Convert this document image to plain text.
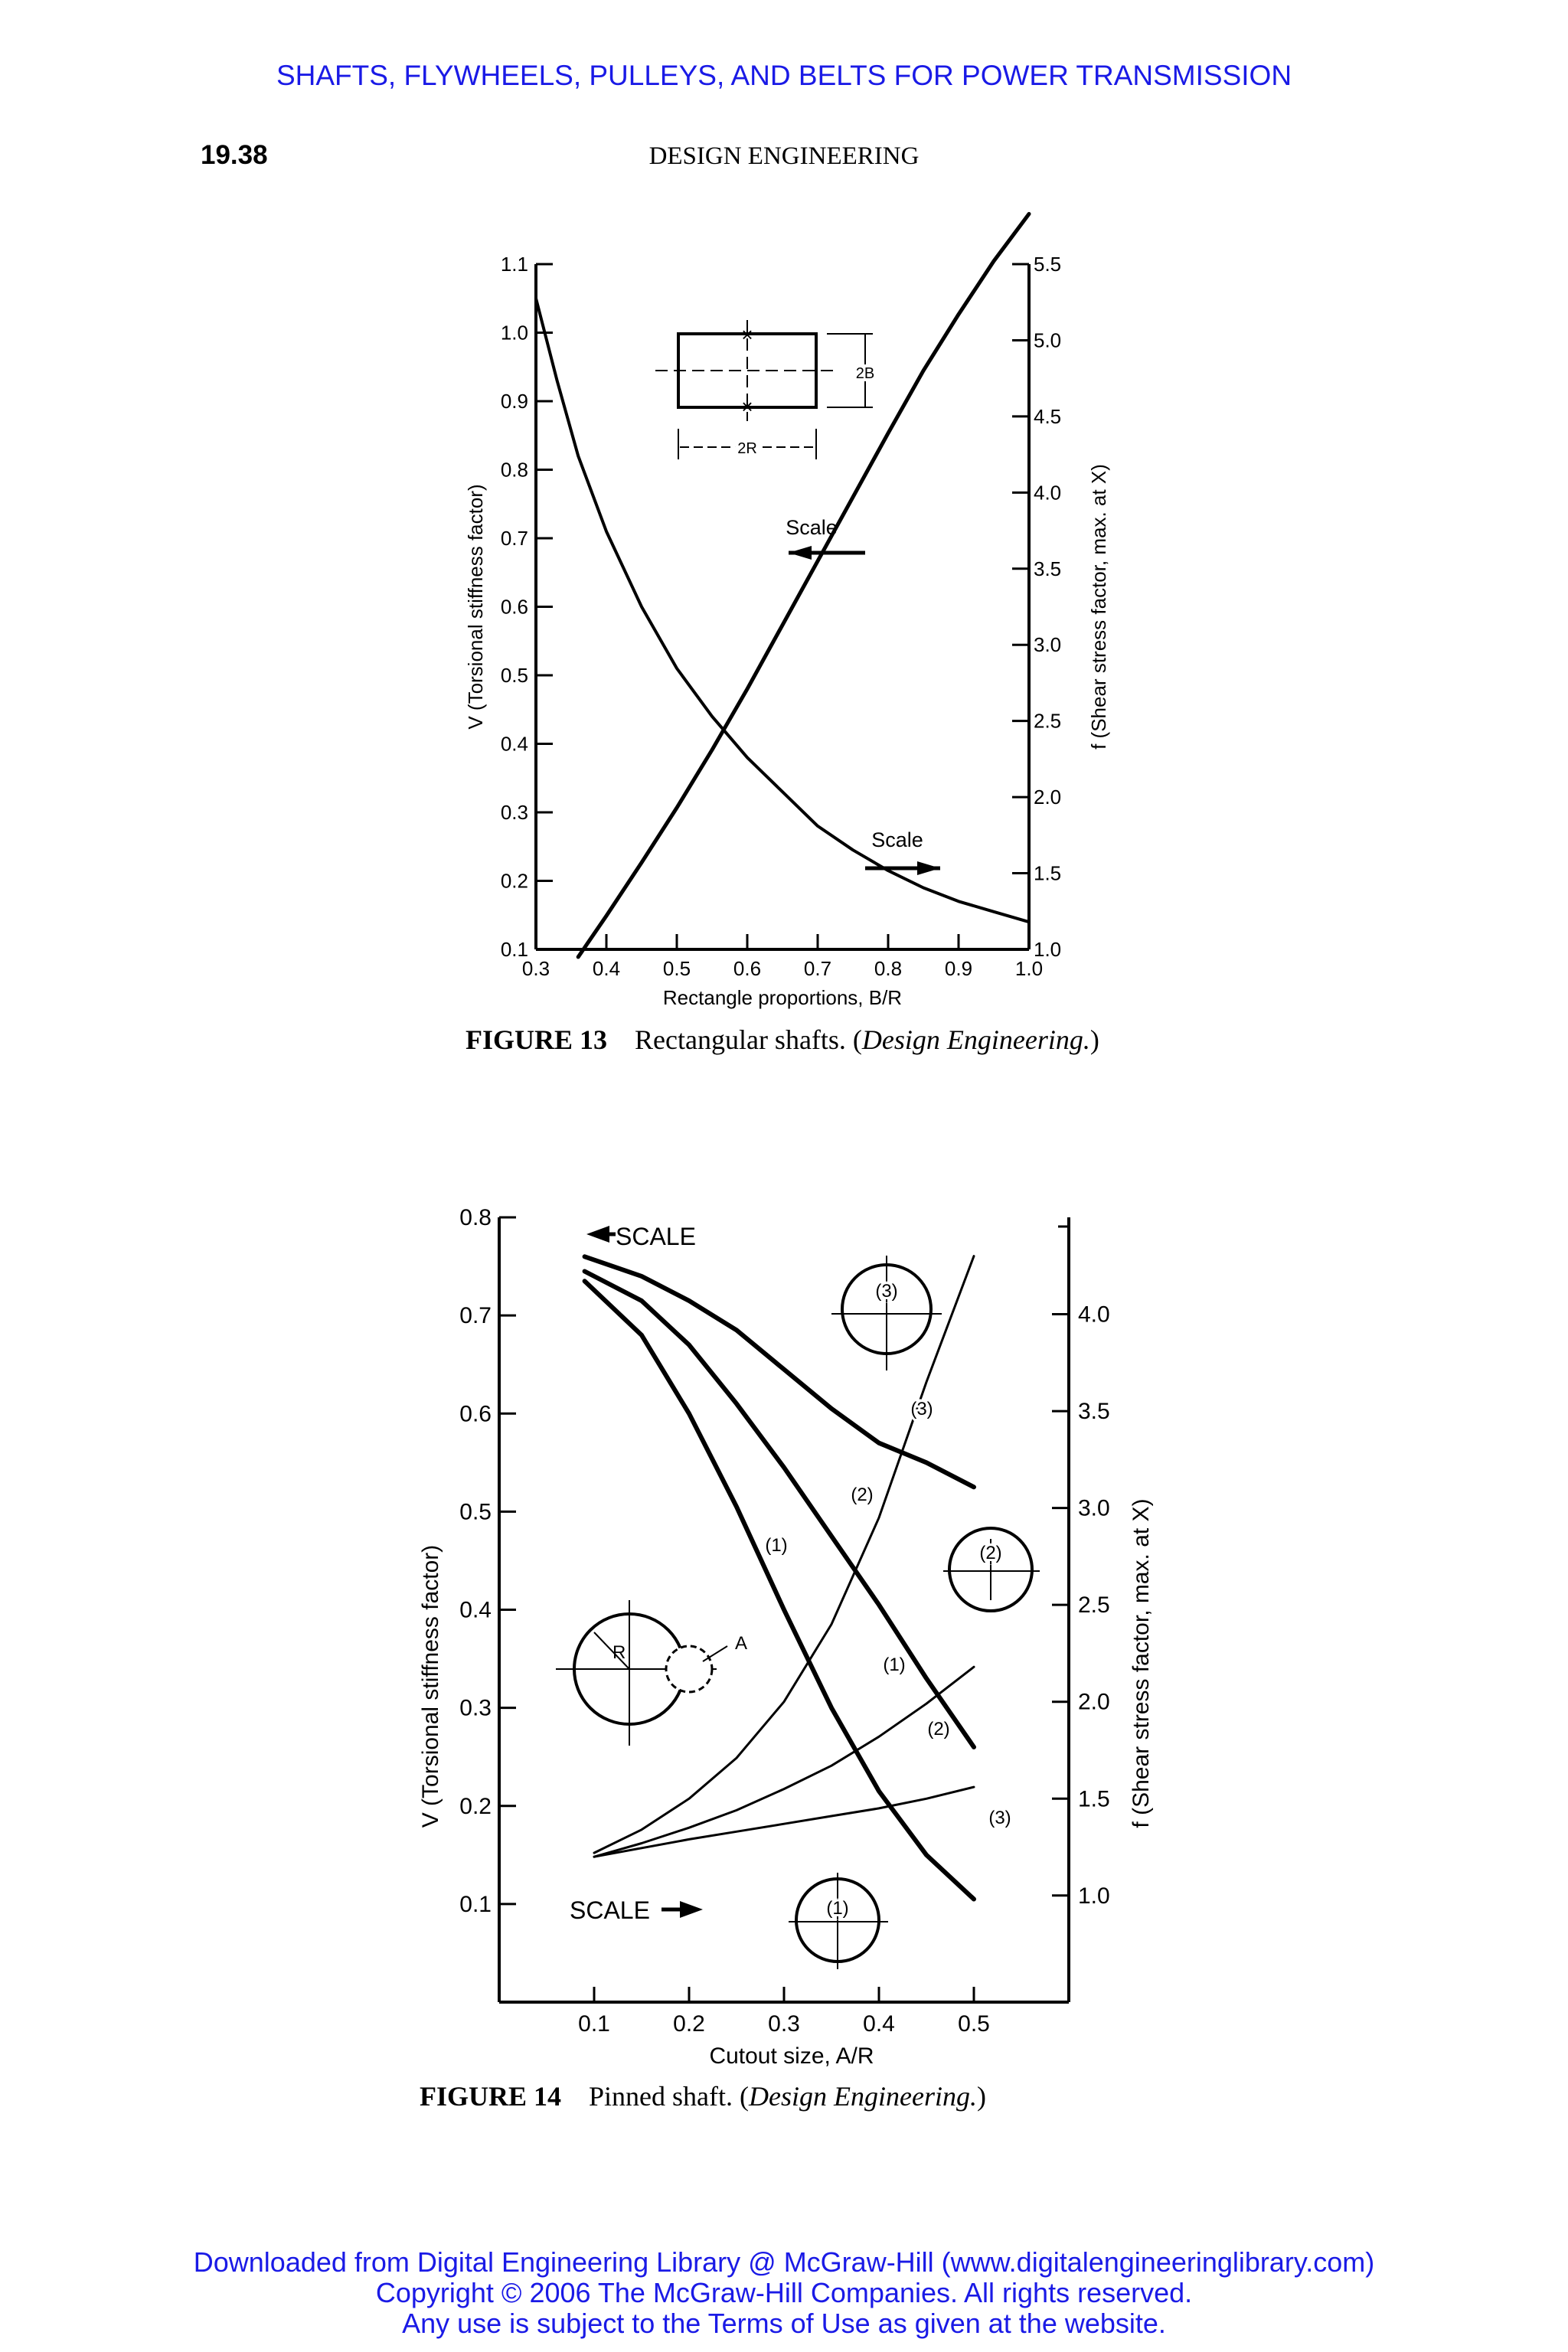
SHAFTS, FLYWHEELS, PULLEYS, AND BELTS FOR POWER TRANSMISSION
19.38	DESIGN ENGINEERING
0.1
0.2
0.3
0.4
0.5
0.6
0.7
0.8
0.9
1.0
1.1
1.0
1.5
2.0
2.5
3.0
3.5
4.0
4.5
5.0
5.5
0.3 0.4 0.5 0.6 0.7 0.8 0.9 1.0
Rectangle proportions, B/R
V (Torsional stiffness factor)	f (Shear stress factor, max. at X)
×
×
2B
2R
Scale
Scale
0.1
0.2
0.3
0.4
0.5
0.6
0.7
0.8
1.0
1.5
2.0
2.5
3.0
3.5
4.0
0.1	0.2	0.3	0.4	0.5
Cutout size, A/R
V (Torsional stiffness factor)	f (Shear stress factor, max. at X)
(3)
(2)
(1)
(1)
(2)
(3)
SCALE
SCALE
R	A
(3)
(2)
(1)
FIGURE 13 Rectangular shafts. (Design Engineering.)
FIGURE 14 Pinned shaft. (Design Engineering.)
Downloaded from Digital Engineering Library @ McGraw-Hill (www.digitalengineeringlibrary.com)
Copyright © 2006 The McGraw-Hill Companies. All rights reserved.
Any use is subject to the Terms of Use as given at the website.
